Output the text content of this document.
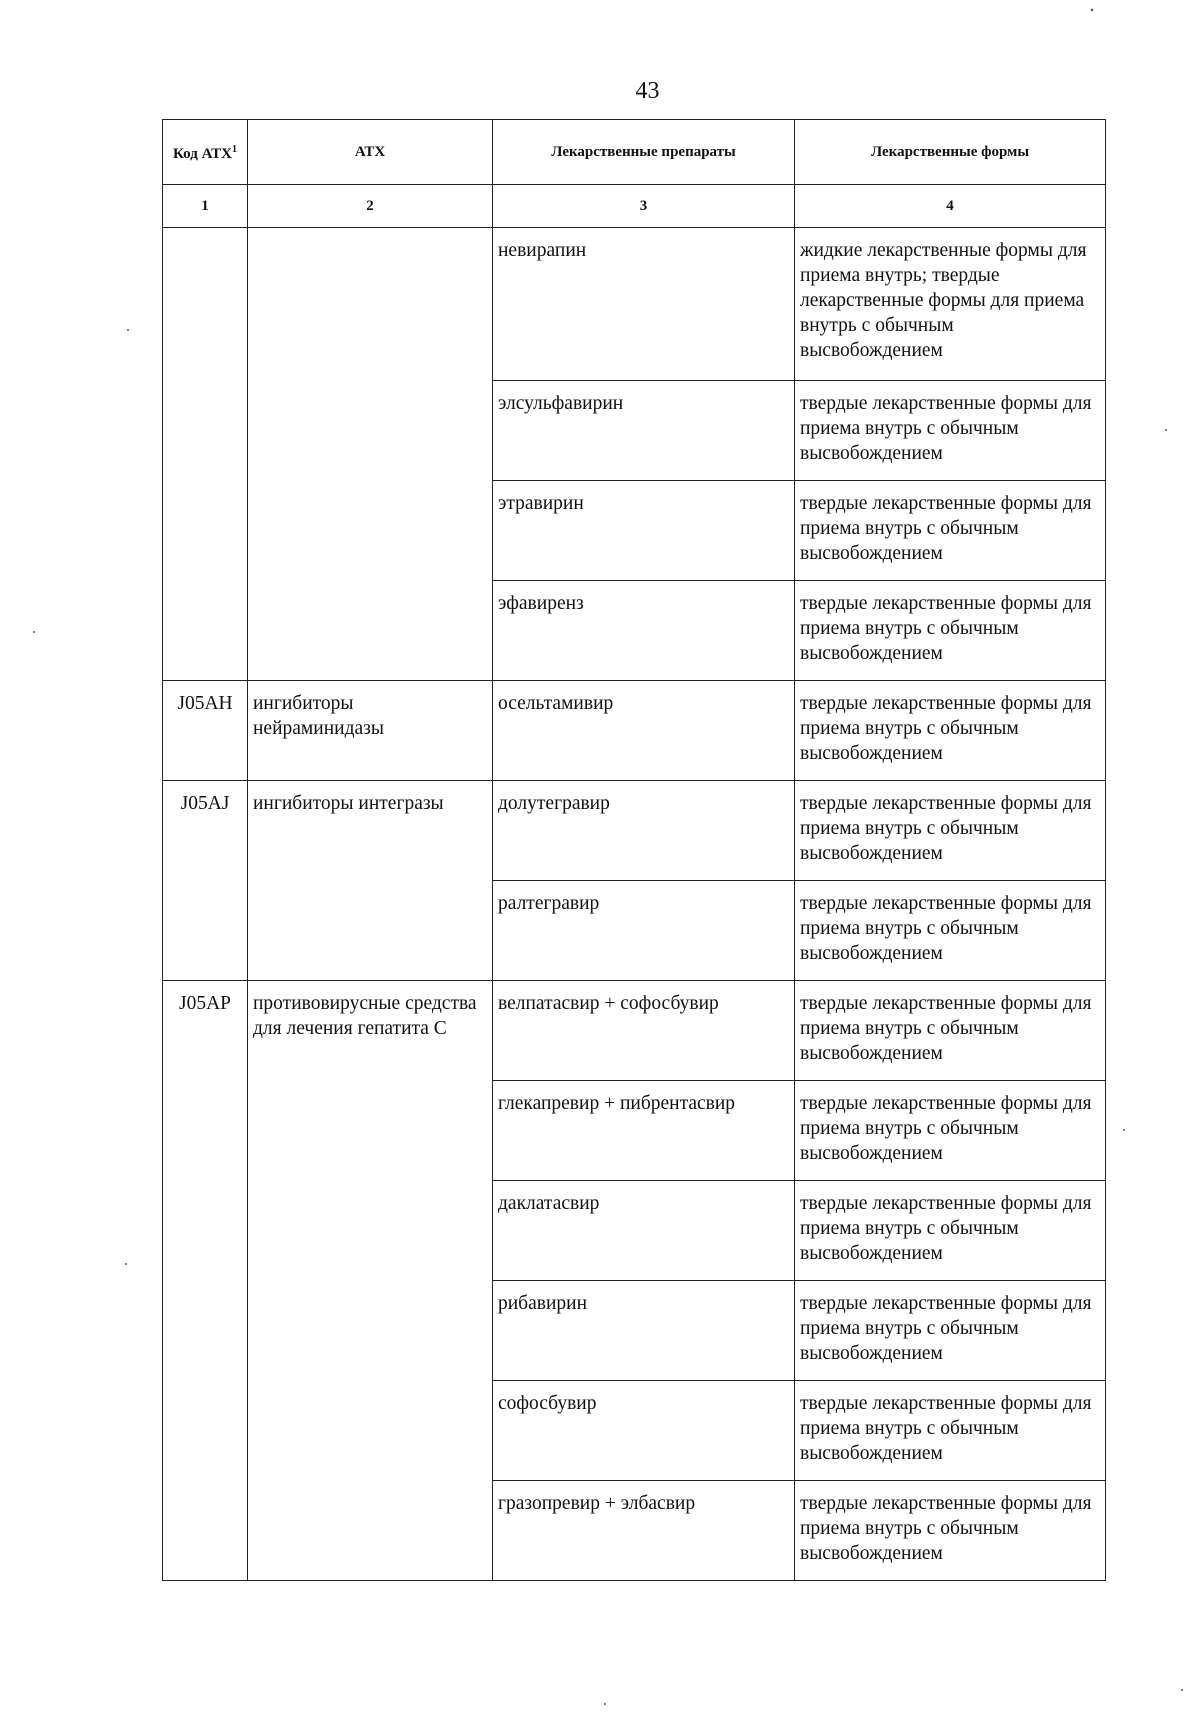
43
Код АТХ$^1$	АТХ	Лекарственные препараты	Лекарственные формы
1	2	3	4

		невирапин	жидкие лекарственные формы для приема внутрь; твердые лекарственные формы для приема внутрь с обычным высвобождением

		элсульфавирин	твердые лекарственные формы для приема внутрь с обычным высвобождением

		этравирин	твердые лекарственные формы для приема внутрь с обычным высвобождением

		эфавиренз	твердые лекарственные формы для приема внутрь с обычным высвобождением

J05AH	ингибиторы нейраминидазы	осельтамивир	твердые лекарственные формы для приема внутрь с обычным высвобождением

J05AJ	ингибиторы интегразы	долутегравир	твердые лекарственные формы для приема внутрь с обычным высвобождением

		ралтегравир	твердые лекарственные формы для приема внутрь с обычным высвобождением

J05AP	противовирусные средства для лечения гепатита C	велпатасвир + софосбувир	твердые лекарственные формы для приема внутрь с обычным высвобождением

		глекапревир + пибрентасвир	твердые лекарственные формы для приема внутрь с обычным высвобождением

		даклатасвир	твердые лекарственные формы для приема внутрь с обычным высвобождением

		рибавирин	твердые лекарственные формы для приема внутрь с обычным высвобождением

		софосбувир	твердые лекарственные формы для приема внутрь с обычным высвобождением

		гразопревир + элбасвир	твердые лекарственные формы для приема внутрь с обычным высвобождением
